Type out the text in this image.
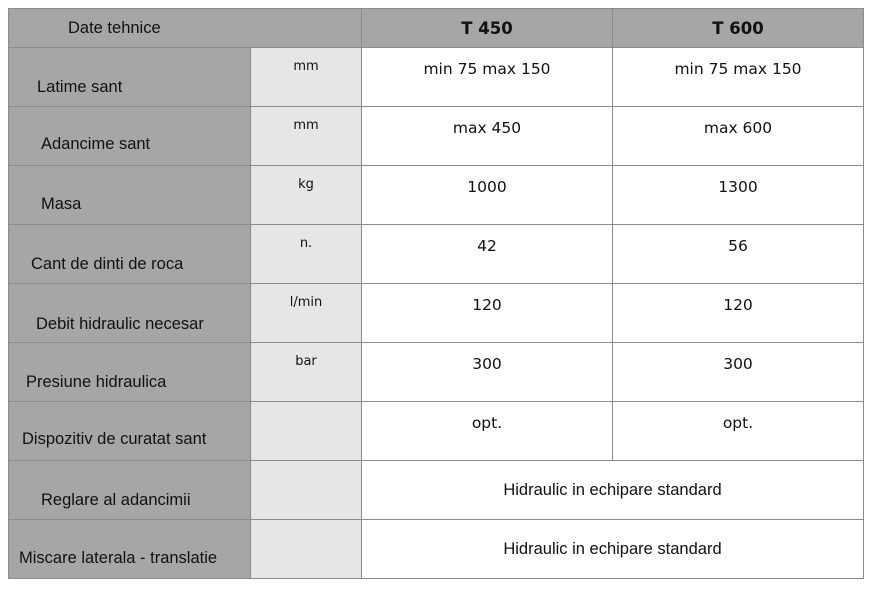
Date tehnice		T 450	T 600

Latime sant	mm	min 75 max 150	min 75 max 150

Adancime sant	mm	max 450	max 600

Masa	kg	1000	1300

Cant de dinti de roca	n.	42	56

Debit hidraulic necesar	l/min	120	120

Presiune hidraulica	bar	300	300

Dispozitiv de curatat sant		opt.	opt.

Reglare al adancimii		Hidraulic in echipare standard	

Miscare laterala - translatie		Hidraulic in echipare standard	
